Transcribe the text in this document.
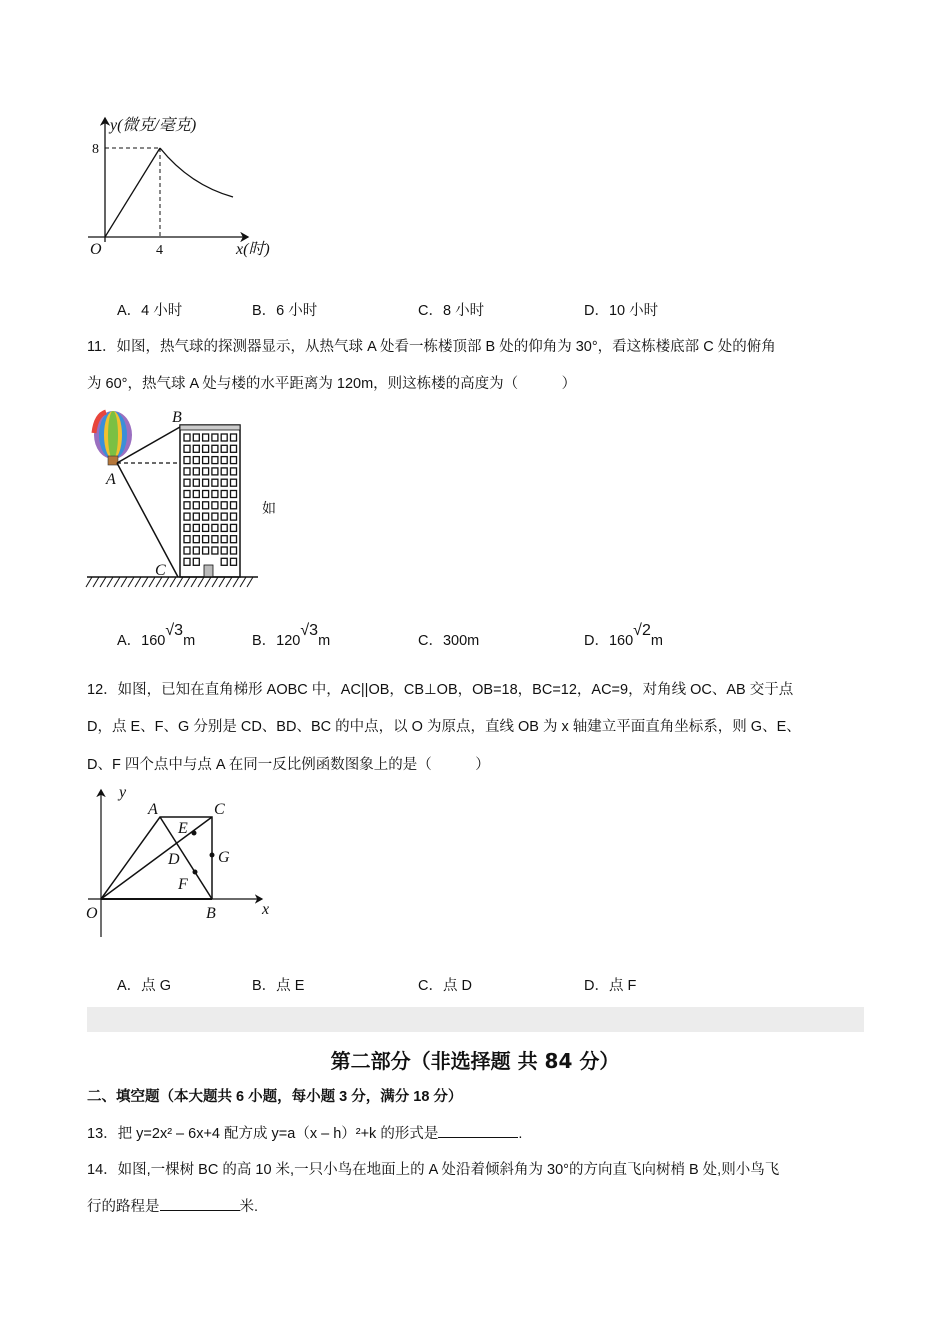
y(微克/毫克)
8
4
O	x(时)
B
A
C
如
y
x
O
A
B
C
D
E
F
G
A．4 小时	B．6 小时	C．8 小时	D．10 小时
11．如图，热气球的探测器显示，从热气球 A 处看一栋楼顶部 B 处的仰角为 30°，看这栋楼底部 C 处的俯角
为 60°，热气球 A 处与楼的水平距离为 120m，则这栋楼的高度为（　　　）
A．160√3m	B．120√3m	C．300m	D．160√2m
12．如图，已知在直角梯形 AOBC 中，AC||OB，CB⊥OB，OB=18，BC=12，AC=9，对角线 OC、AB 交于点
D，点 E、F、G 分别是 CD、BD、BC 的中点，以 O 为原点，直线 OB 为 x 轴建立平面直角坐标系，则 G、E、
D、F 四个点中与点 A 在同一反比例函数图象上的是（　　　）
A．点 G	B．点 E	C．点 D	D．点 F
第二部分（非选择题 共 84 分）
二、填空题（本大题共 6 小题，每小题 3 分，满分 18 分）
13．把 y=2x² – 6x+4 配方成 y=a（x – h）²+k 的形式是	.
14．如图,一棵树 BC 的高 10 米,一只小鸟在地面上的 A 处沿着倾斜角为 30°的方向直飞向树梢 B 处,则小鸟飞
行的路程是	米.
